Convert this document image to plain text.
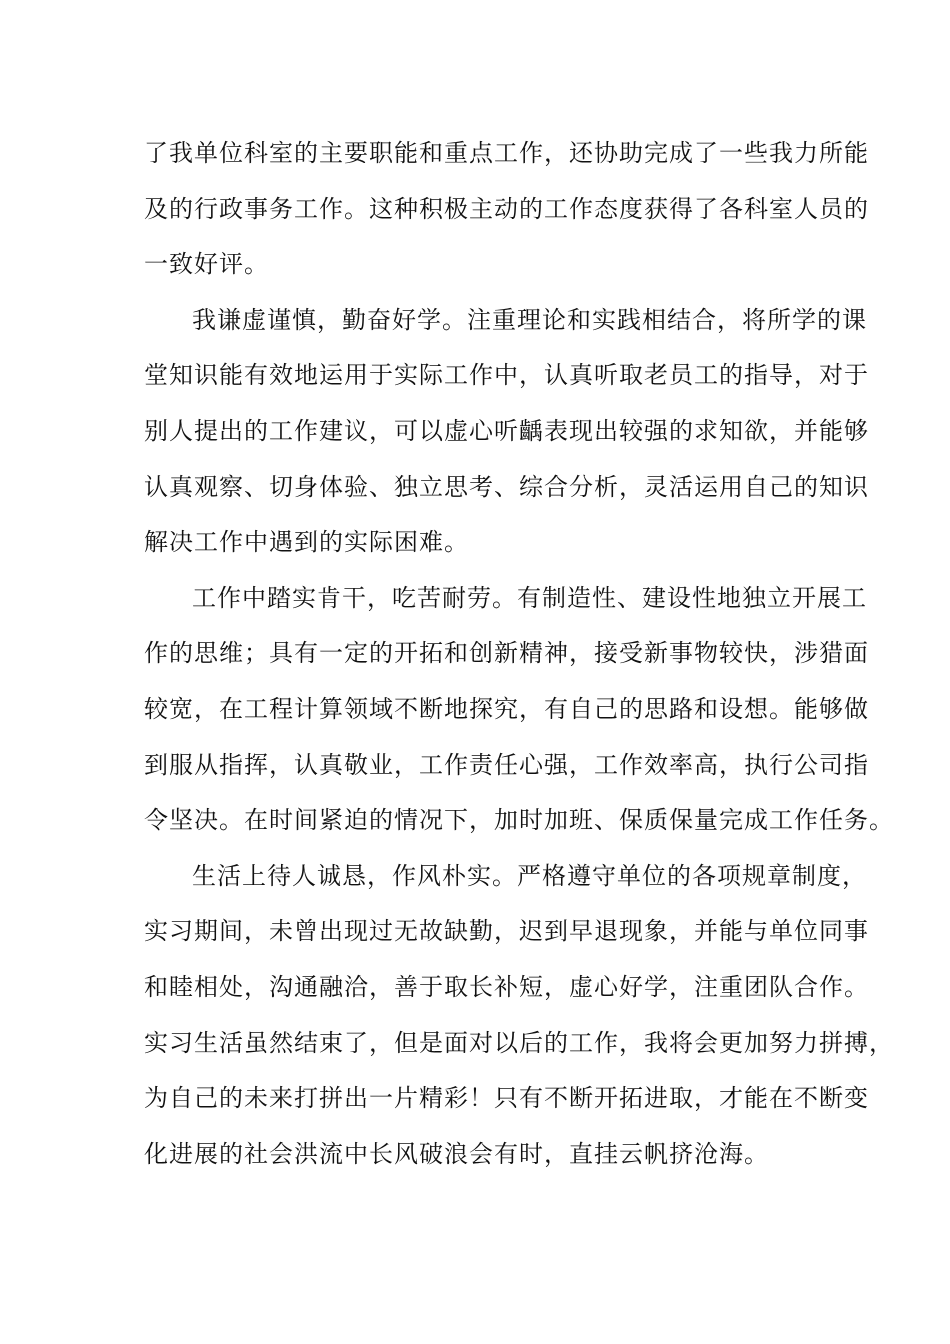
了我单位科室的主要职能和重点工作，还协助完成了一些我力所能
及的行政事务工作。这种积极主动的工作态度获得了各科室人员的
一致好评。
我谦虚谨慎，勤奋好学。注重理论和实践相结合，将所学的课
堂知识能有效地运用于实际工作中，认真听取老员工的指导，对于
别人提出的工作建议，可以虚心听齲表现出较强的求知欲，并能够
认真观察、切身体验、独立思考、综合分析，灵活运用自己的知识
解决工作中遇到的实际困难。
工作中踏实肯干，吃苦耐劳。有制造性、建设性地独立开展工
作的思维；具有一定的开拓和创新精神，接受新事物较快，涉猎面
较宽，在工程计算领域不断地探究，有自己的思路和设想。能够做
到服从指挥，认真敬业，工作责任心强，工作效率高，执行公司指
令坚决。在时间紧迫的情况下，加时加班、保质保量完成工作任务。
生活上待人诚恳，作风朴实。严格遵守单位的各项规章制度，
实习期间，未曾出现过无故缺勤，迟到早退现象，并能与单位同事
和睦相处，沟通融洽，善于取长补短，虚心好学，注重团队合作。
实习生活虽然结束了，但是面对以后的工作，我将会更加努力拼搏，
为自己的未来打拼出一片精彩！只有不断开拓进取，才能在不断变
化进展的社会洪流中长风破浪会有时，直挂云帆挤沧海。
